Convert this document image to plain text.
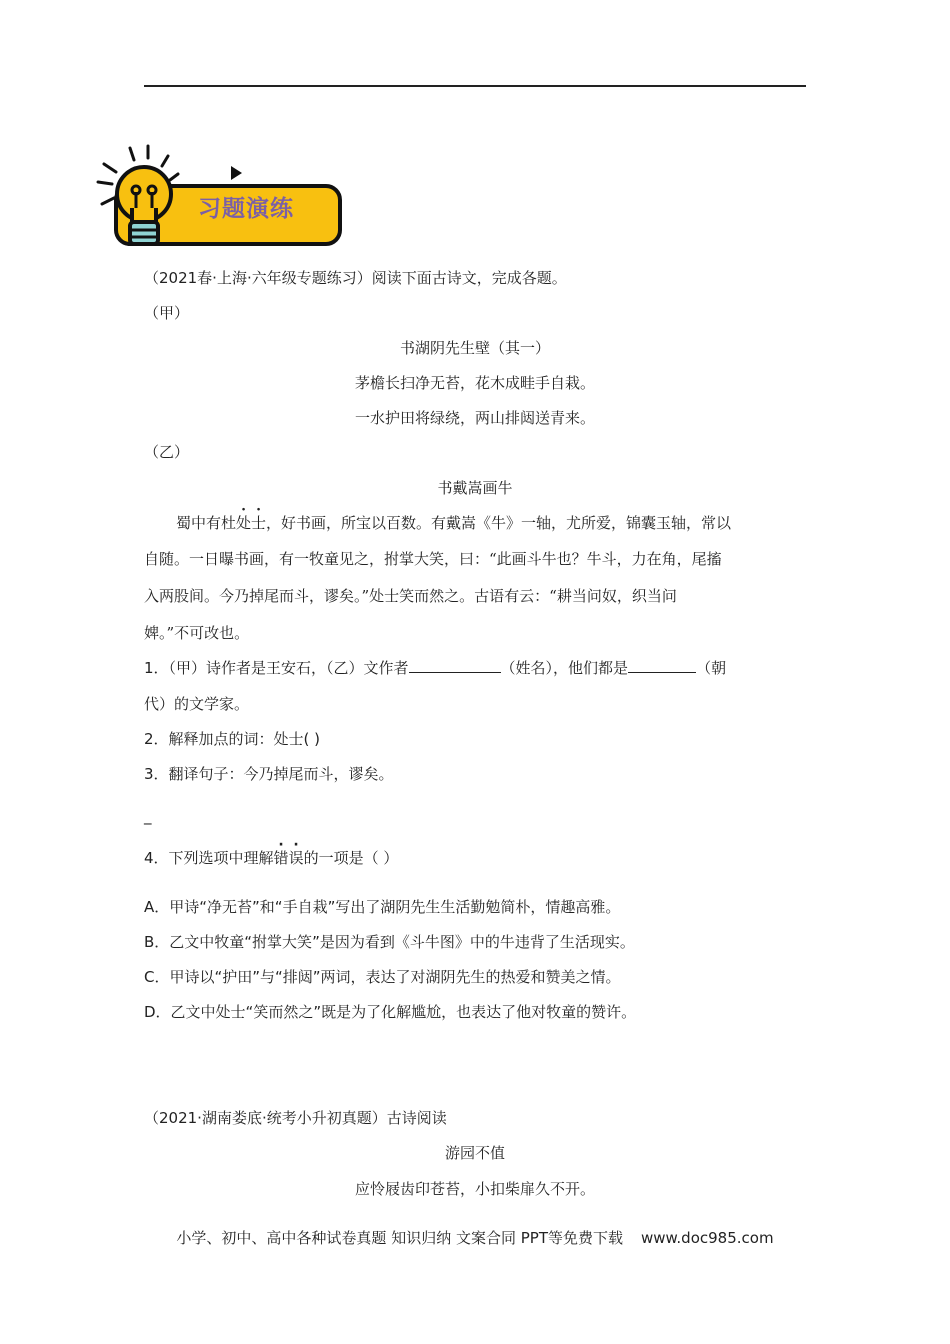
习题演练
（2021春·上海·六年级专题练习）阅读下面古诗文，完成各题。
（甲）
书湖阴先生壁（其一）
茅檐长扫净无苔，花木成畦手自栽。
一水护田将绿绕，两山排闼送青来。
（乙）
书戴嵩画牛
蜀中有杜处士，好书画，所宝以百数。有戴嵩《牛》一轴，尤所爱，锦囊玉轴，常以
自随。一日曝书画，有一牧童见之，拊掌大笑，曰：“此画斗牛也？牛斗，力在角，尾搐
入两股间。今乃掉尾而斗，谬矣。”处士笑而然之。古语有云：“耕当问奴，织当问
婢。”不可改也。
1．（甲）诗作者是王安石，（乙）文作者	（姓名），他们都是	（朝
代）的文学家。
2．解释加点的词：处士( )
3．翻译句子：今乃掉尾而斗，谬矣。
_
4．下列选项中理解错误的一项是（ ）
A．甲诗“净无苔”和“手自栽”写出了湖阴先生生活勤勉简朴，情趣高雅。
B．乙文中牧童“拊掌大笑”是因为看到《斗牛图》中的牛违背了生活现实。
C．甲诗以“护田”与“排闼”两词，表达了对湖阴先生的热爱和赞美之情。
D．乙文中处士“笑而然之”既是为了化解尴尬，也表达了他对牧童的赞许。
（2021·湖南娄底·统考小升初真题）古诗阅读
游园不值
应怜屐齿印苍苔，小扣柴扉久不开。
小学、初中、高中各种试卷真题 知识归纳 文案合同 PPT等免费下载 www.doc985.com
